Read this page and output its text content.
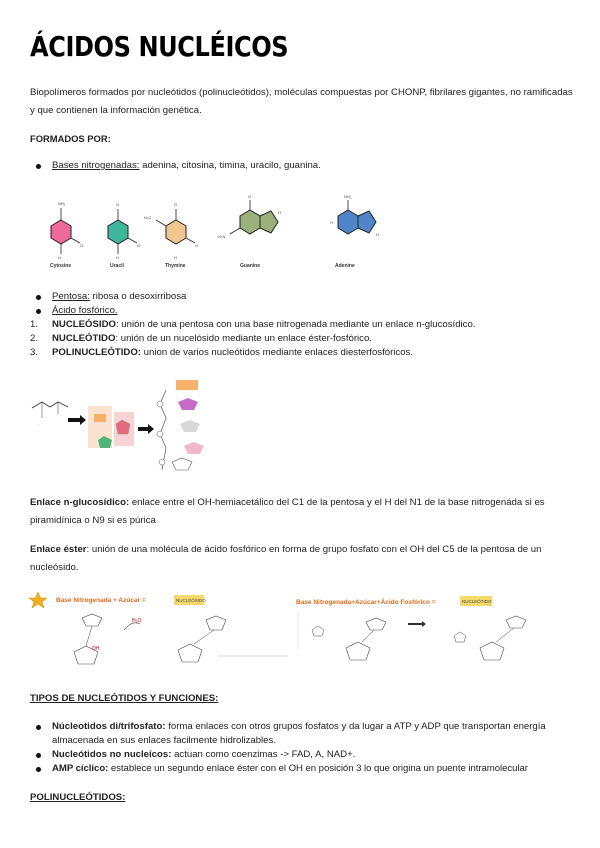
ÁCIDOS NUCLÉICOS
Biopolímeros formados por nucleótidos (polinucleótidos), moléculas compuestas por CHONP, fibrilares gigantes, no ramificadas y que contienen la información genética.
FORMADOS POR:
Bases nitrogenadas: adenina, citosina, timina, uracilo, guanina.
NH₂
O
H
Cytosine
O
O
H
Uracil
O
H₃C
O
H
Thymine
O
H₂N
H
Guanine
NH₂
H
H
Adenine
Pentosa: ribosa o desoxirribosa
Ácido fosfórico.
1. NUCLEÓSIDO: unión de una pentosa con una base nitrogenada mediante un enlace n-glucosídico.
2. NUCLEÓTIDO: unión de un nucelósido mediante un enlace éster-fosfórico.
3. POLINUCLEÓTIDO: union de varios nucleótidos mediante enlaces diesterfosfóricos.
·
Enlace n-glucosídico: enlace entre el OH-hemiacetálico del C1 de la pentosa y el H del N1 de la base nitrogenáda si es piramidínica o N9 si es púrica
Enlace éster: unión de una molécula de ácido fosfórico en forma de grupo fosfato con el OH del C5 de la pentosa de un nucleósido.
Base Nitrogenada + Azúcar =	NUCLEÓSIDO
OH
H₂O
Base Nitrogenada+Azúcar+Ácido Fosfórico =	NUCLEÓTIDO
TIPOS DE NUCLEÓTIDOS Y FUNCIONES:
Núcleotidos di/trifosfato: forma enlaces con otros grupos fosfatos y da lugar a ATP y ADP que transportan energía almacenada en sus enlaces facilmente hidrolizables.
Nucleótidos no nucleícos: actuan como coenzimas -> FAD, A, NAD+.
AMP cíclico: establece un segundo enlace éster con el OH en posición 3 lo que origina un puente intramolecular
POLINUCLEÓTIDOS:
